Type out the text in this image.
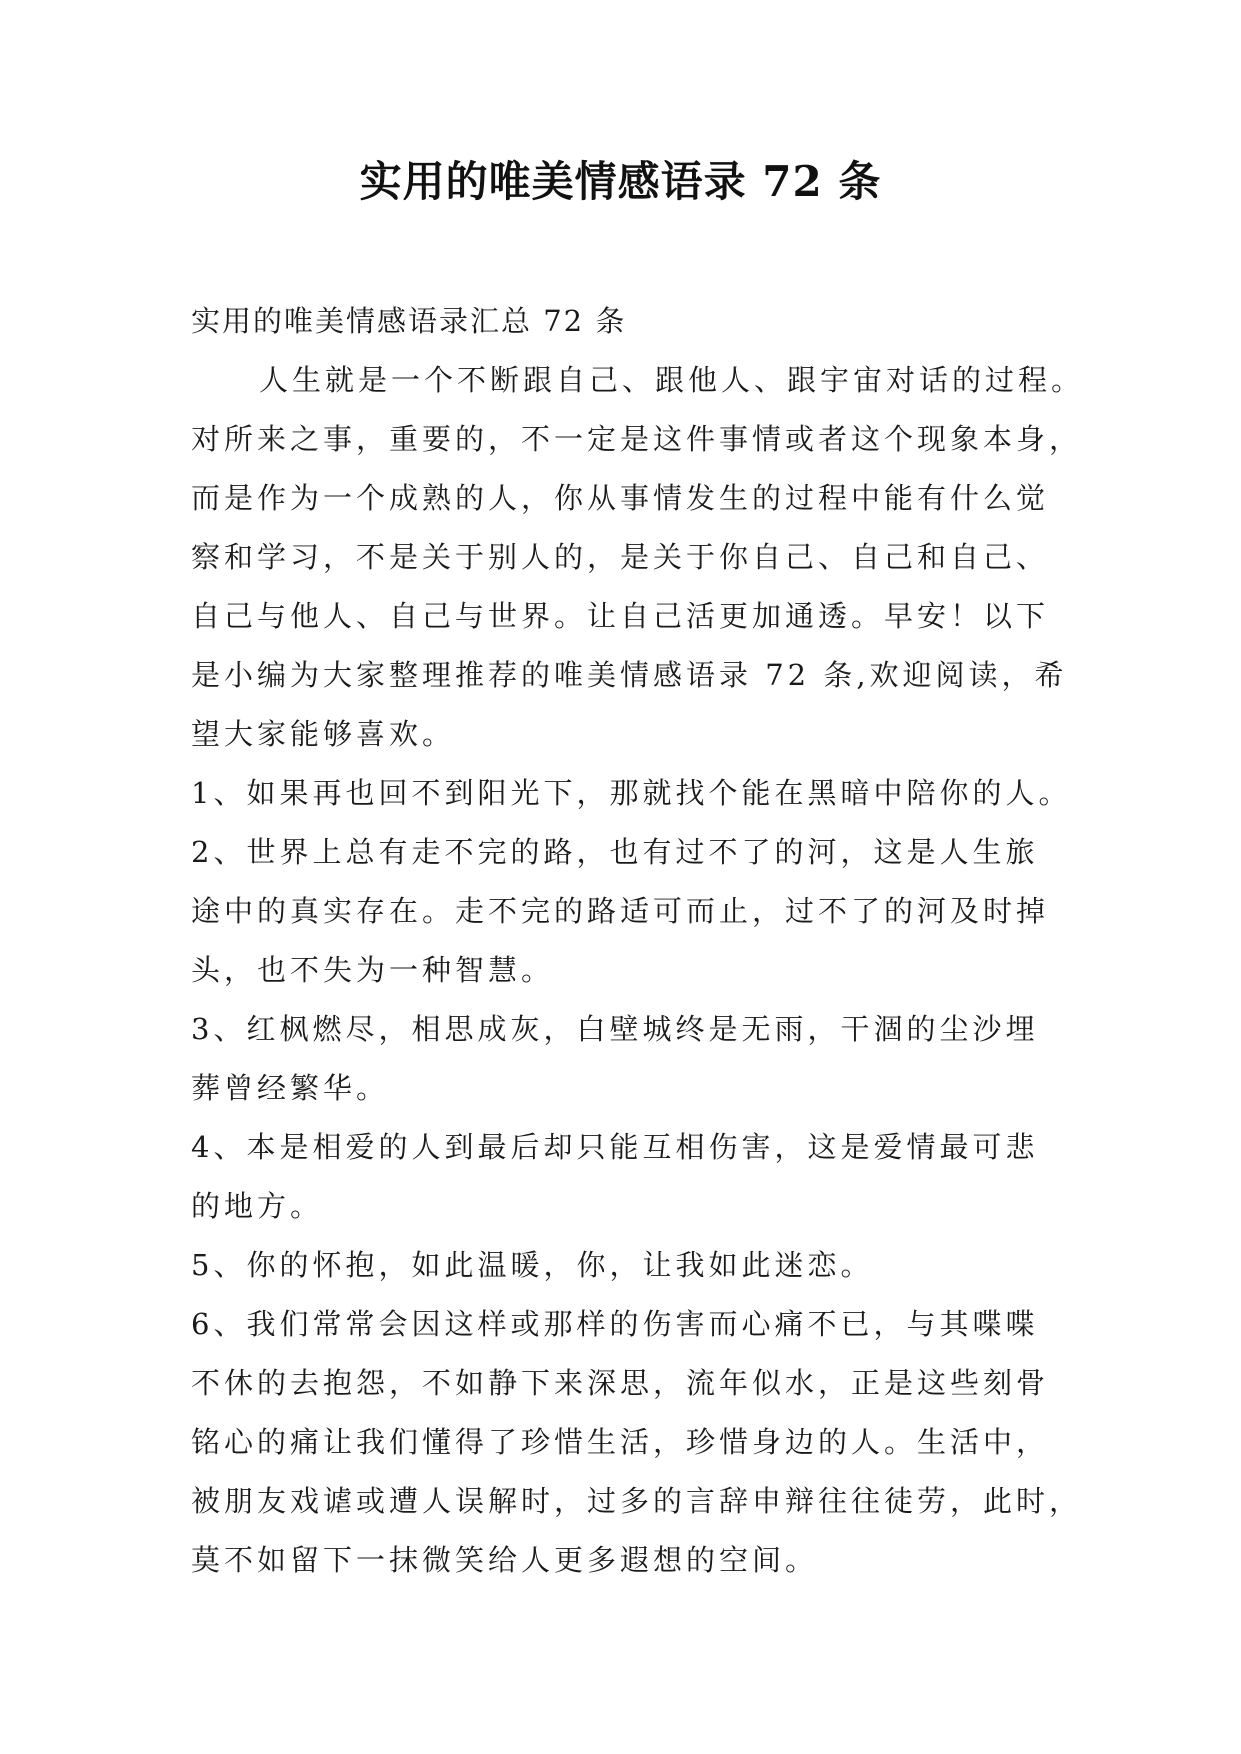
实用的唯美情感语录 72 条
实用的唯美情感语录汇总 72 条
人生就是一个不断跟自己、跟他人、跟宇宙对话的过程。
对所来之事，重要的，不一定是这件事情或者这个现象本身，
而是作为一个成熟的人，你从事情发生的过程中能有什么觉
察和学习，不是关于别人的，是关于你自己、自己和自己、
自己与他人、自己与世界。让自己活更加通透。早安！以下
是小编为大家整理推荐的唯美情感语录 72 条,欢迎阅读，希
望大家能够喜欢。
1、如果再也回不到阳光下，那就找个能在黑暗中陪你的人。
2、世界上总有走不完的路，也有过不了的河，这是人生旅
途中的真实存在。走不完的路适可而止，过不了的河及时掉
头，也不失为一种智慧。
3、红枫燃尽，相思成灰，白壁城终是无雨，干涸的尘沙埋
葬曾经繁华。
4、本是相爱的人到最后却只能互相伤害，这是爱情最可悲
的地方。
5、你的怀抱，如此温暖，你，让我如此迷恋。
6、我们常常会因这样或那样的伤害而心痛不已，与其喋喋
不休的去抱怨，不如静下来深思，流年似水，正是这些刻骨
铭心的痛让我们懂得了珍惜生活，珍惜身边的人。生活中，
被朋友戏谑或遭人误解时，过多的言辞申辩往往徒劳，此时，
莫不如留下一抹微笑给人更多遐想的空间。
